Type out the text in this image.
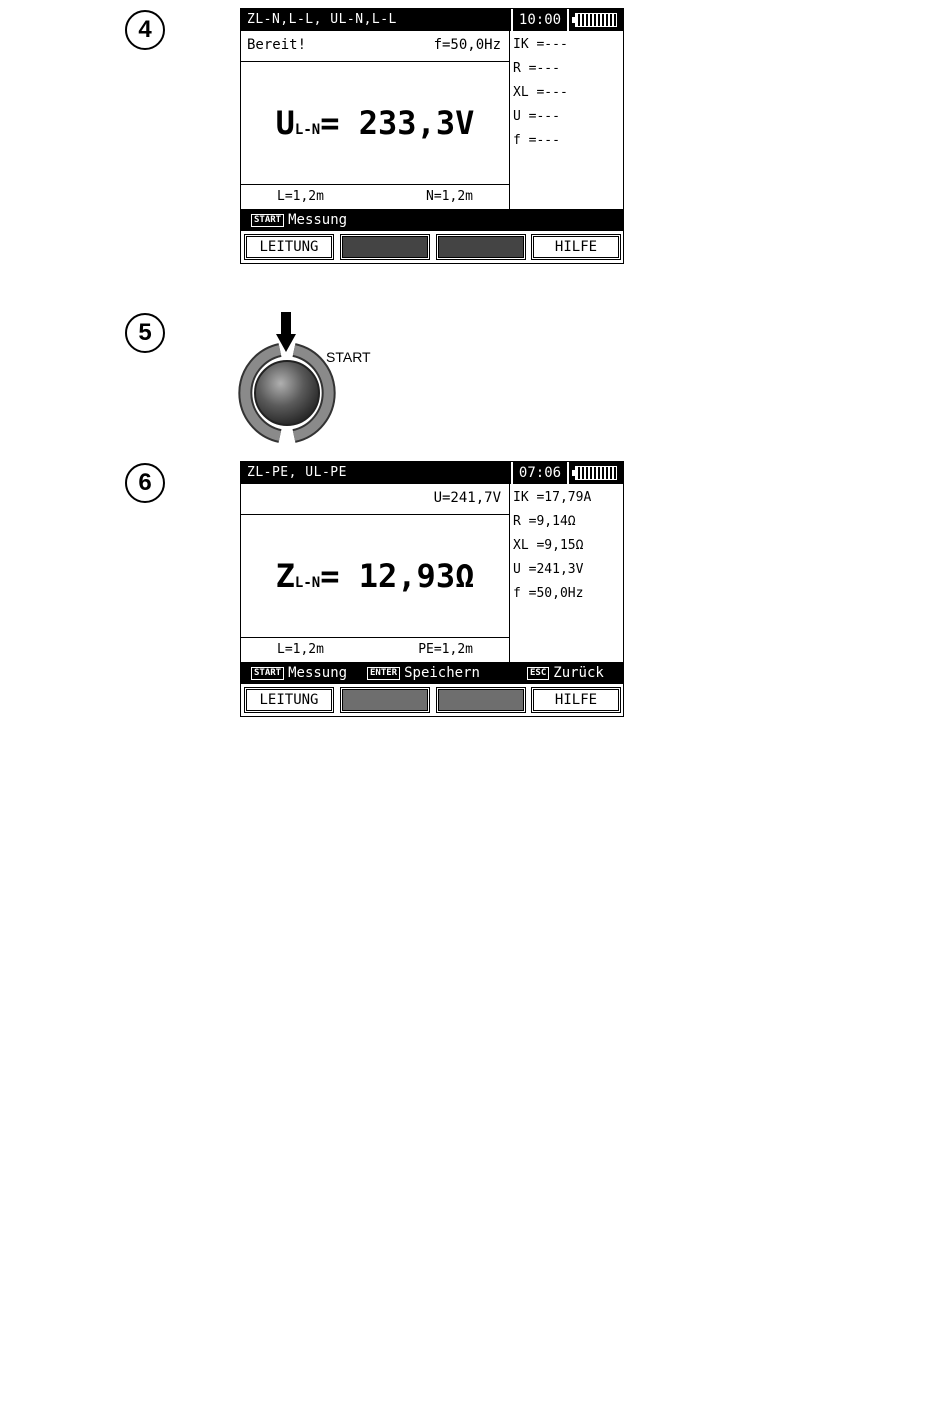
4	ZL-N,L-L, UL-N,L-L	10:00
Bereit!	f=50,0Hz
UL-N= 233,3V
L=1,2m	N=1,2m
IK =---
R =---
XL =---
U =---
f =---
START Messung
LEITUNG	HILFE
5
START
6	ZL-PE, UL-PE	07:06
U=241,7V
ZL-N= 12,93Ω
L=1,2m	PE=1,2m
IK =17,79A
R =9,14Ω
XL =9,15Ω
U =241,3V
f =50,0Hz
START Messung	ENTER Speichern	ESC Zurück
LEITUNG	HILFE
